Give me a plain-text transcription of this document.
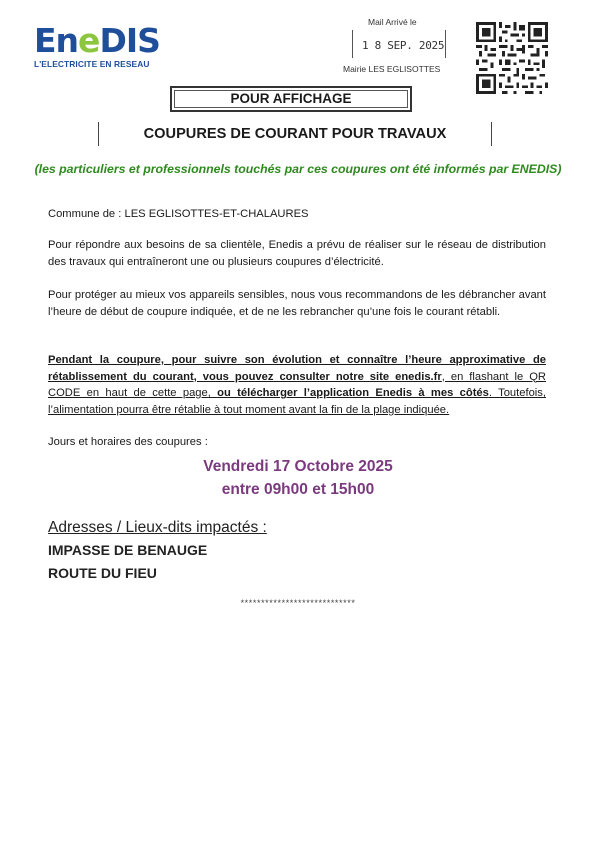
EneDIS
L'ELECTRICITE EN RESEAU
Mail Arrivé le
1 8 SEP. 2025
Mairie LES EGLISOTTES
POUR AFFICHAGE
COUPURES DE COURANT POUR TRAVAUX
(les particuliers et professionnels touchés par ces coupures ont été informés par ENEDIS)
Commune de : LES EGLISOTTES-ET-CHALAURES
Pour répondre aux besoins de sa clientèle, Enedis a prévu de réaliser sur le réseau de distribution des travaux qui entraîneront une ou plusieurs coupures d’électricité.
Pour protéger au mieux vos appareils sensibles, nous vous recommandons de les débrancher avant l’heure de début de coupure indiquée, et de ne les rebrancher qu’une fois le courant rétabli.
Pendant la coupure, pour suivre son évolution et connaître l’heure approximative de rétablissement du courant, vous pouvez consulter notre site enedis.fr, en flashant le QR CODE en haut de cette page, ou télécharger l’application Enedis à mes côtés. Toutefois, l’alimentation pourra être rétablie à tout moment avant la fin de la plage indiquée.
Jours et horaires des coupures :
Vendredi 17 Octobre 2025
entre 09h00 et 15h00
Adresses / Lieux-dits impactés :
IMPASSE DE BENAUGE
ROUTE DU FIEU
****************************
